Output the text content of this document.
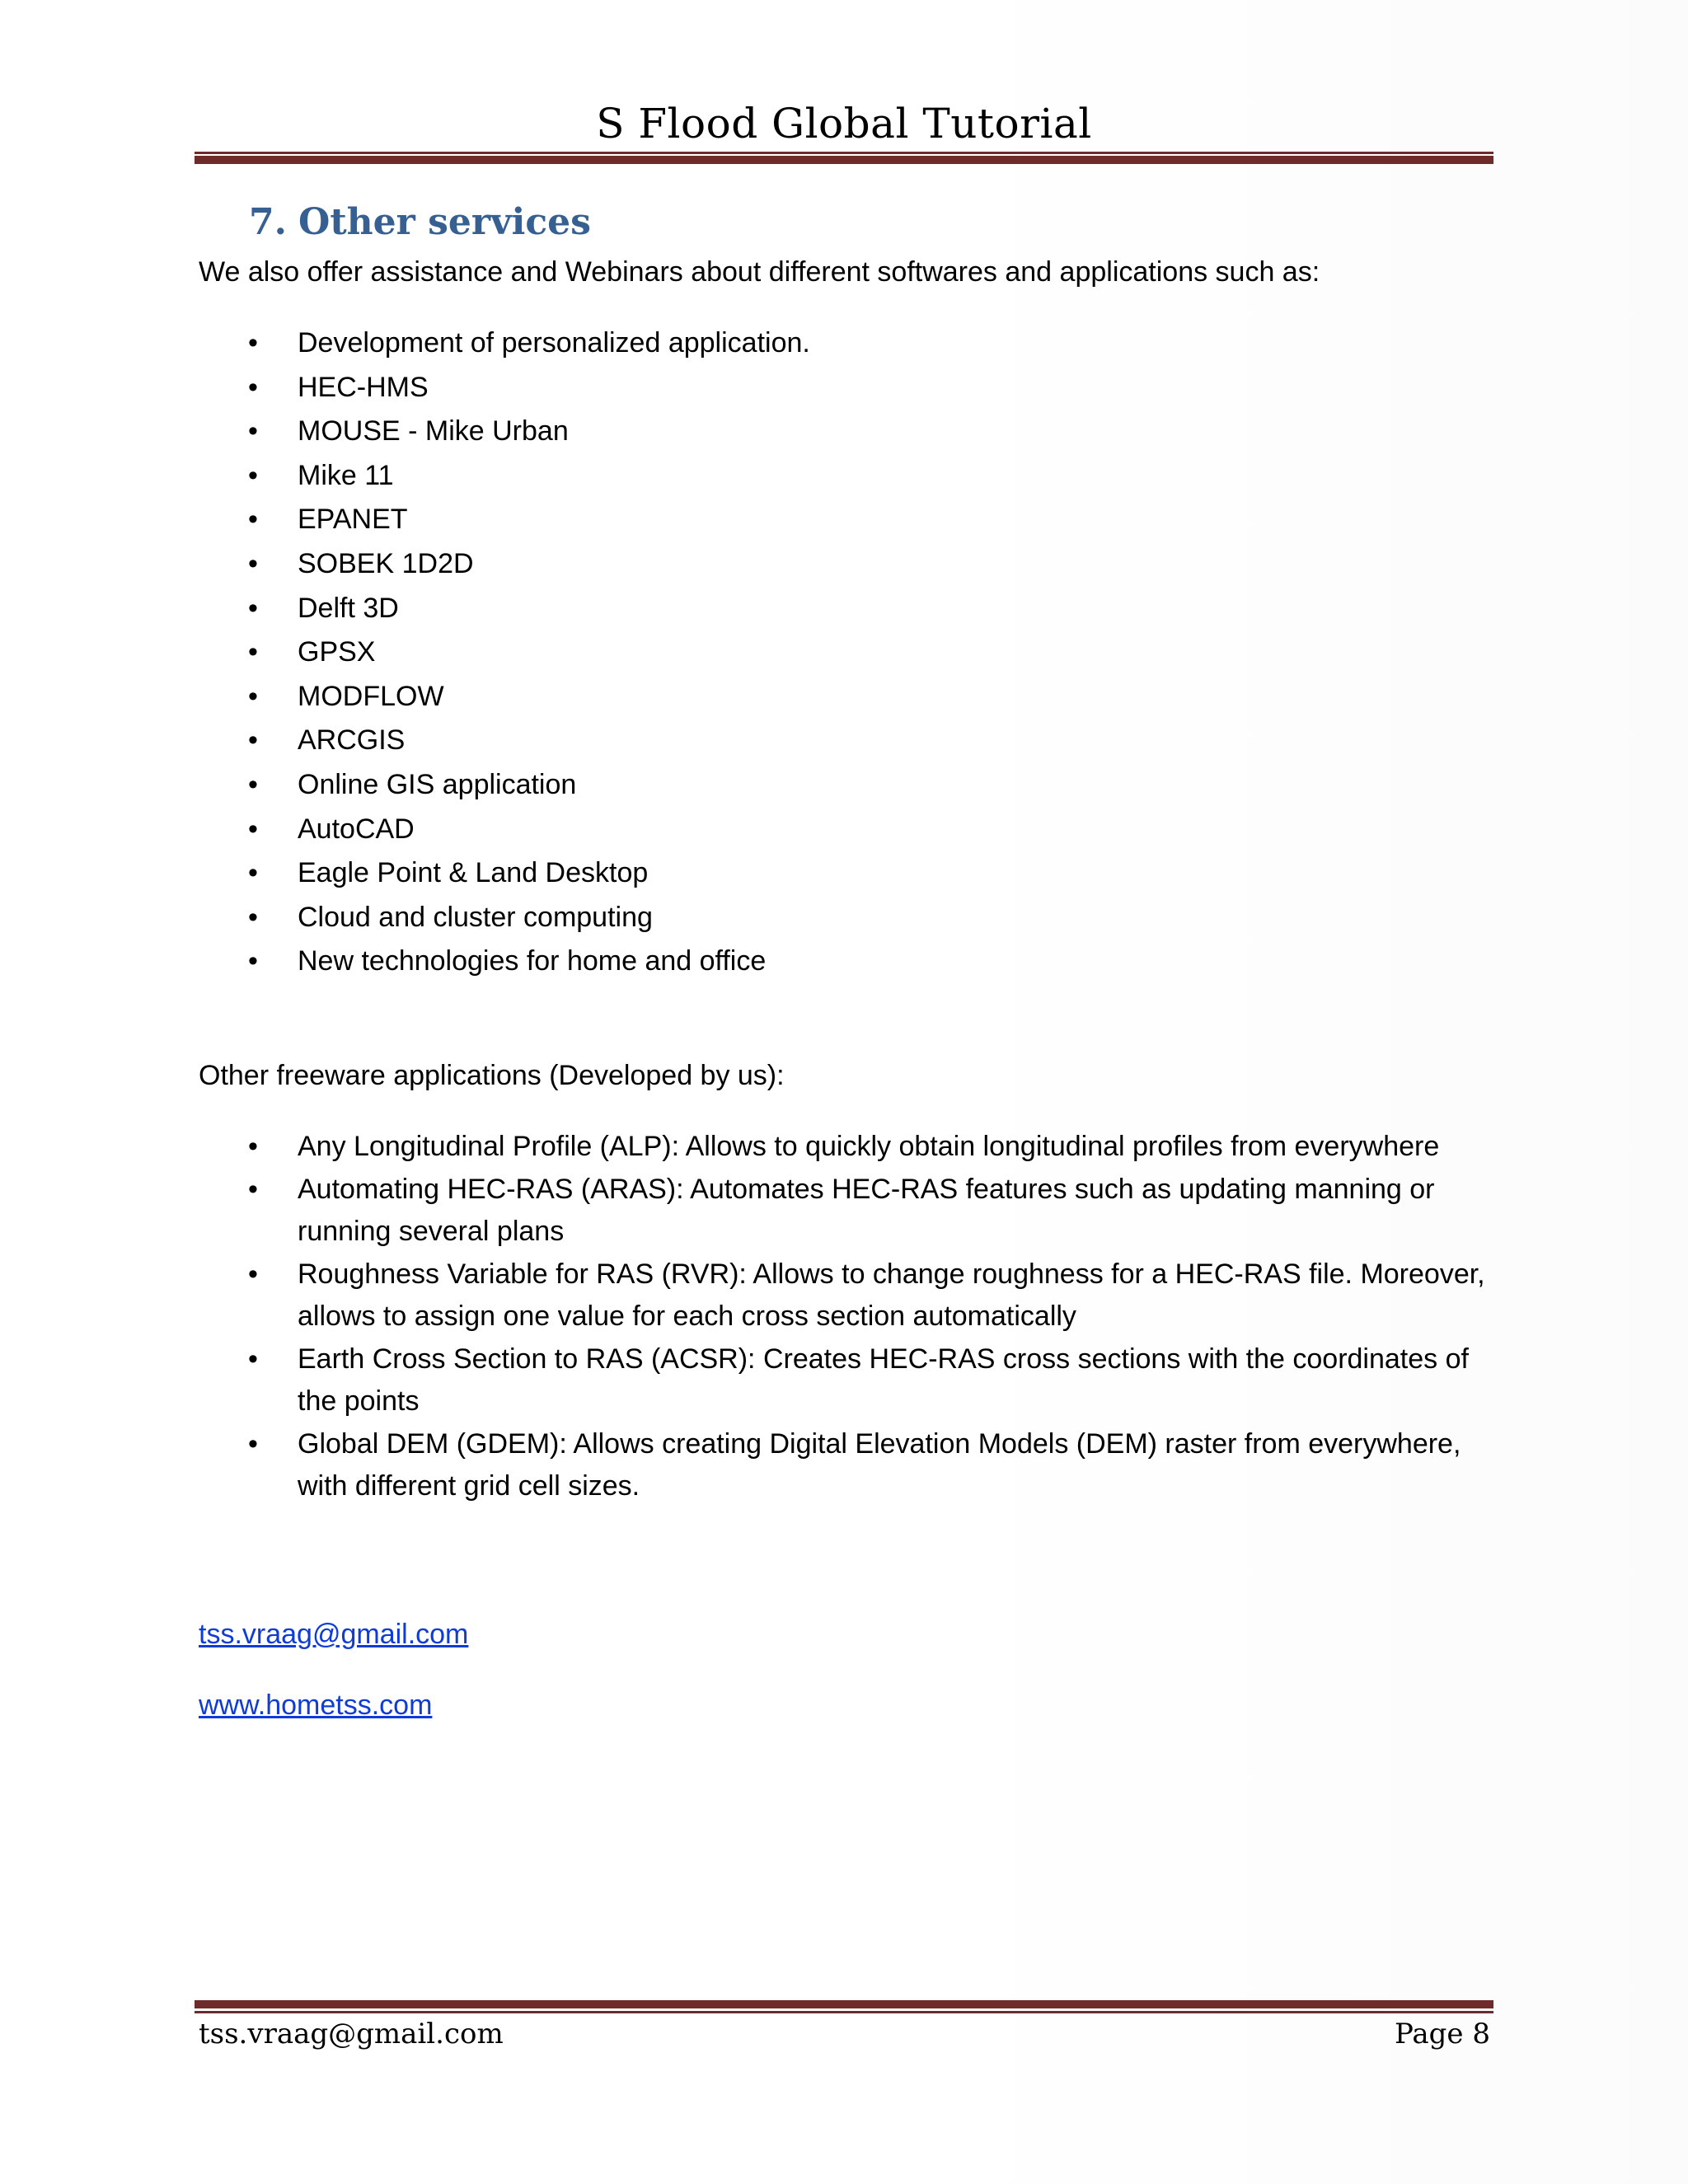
S Flood Global Tutorial
7. Other services
We also offer assistance and Webinars about different softwares and applications such as:
• Development of personalized application.
• HEC-HMS
• MOUSE - Mike Urban
• Mike 11
• EPANET
• SOBEK 1D2D
• Delft 3D
• GPSX
• MODFLOW
• ARCGIS
• Online GIS application
• AutoCAD
• Eagle Point & Land Desktop
• Cloud and cluster computing
• New technologies for home and office
Other freeware applications (Developed by us):
• Any Longitudinal Profile (ALP): Allows to quickly obtain longitudinal profiles from everywhere
• Automating HEC-RAS (ARAS): Automates HEC-RAS features such as updating manning or running several plans
• Roughness Variable for RAS (RVR): Allows to change roughness for a HEC-RAS file. Moreover, allows to assign one value for each cross section automatically
• Earth Cross Section to RAS (ACSR): Creates HEC-RAS cross sections with the coordinates of the points
• Global DEM (GDEM): Allows creating Digital Elevation Models (DEM) raster from everywhere, with different grid cell sizes.
tss.vraag@gmail.com
www.hometss.com
tss.vraag@gmail.com	Page 8
